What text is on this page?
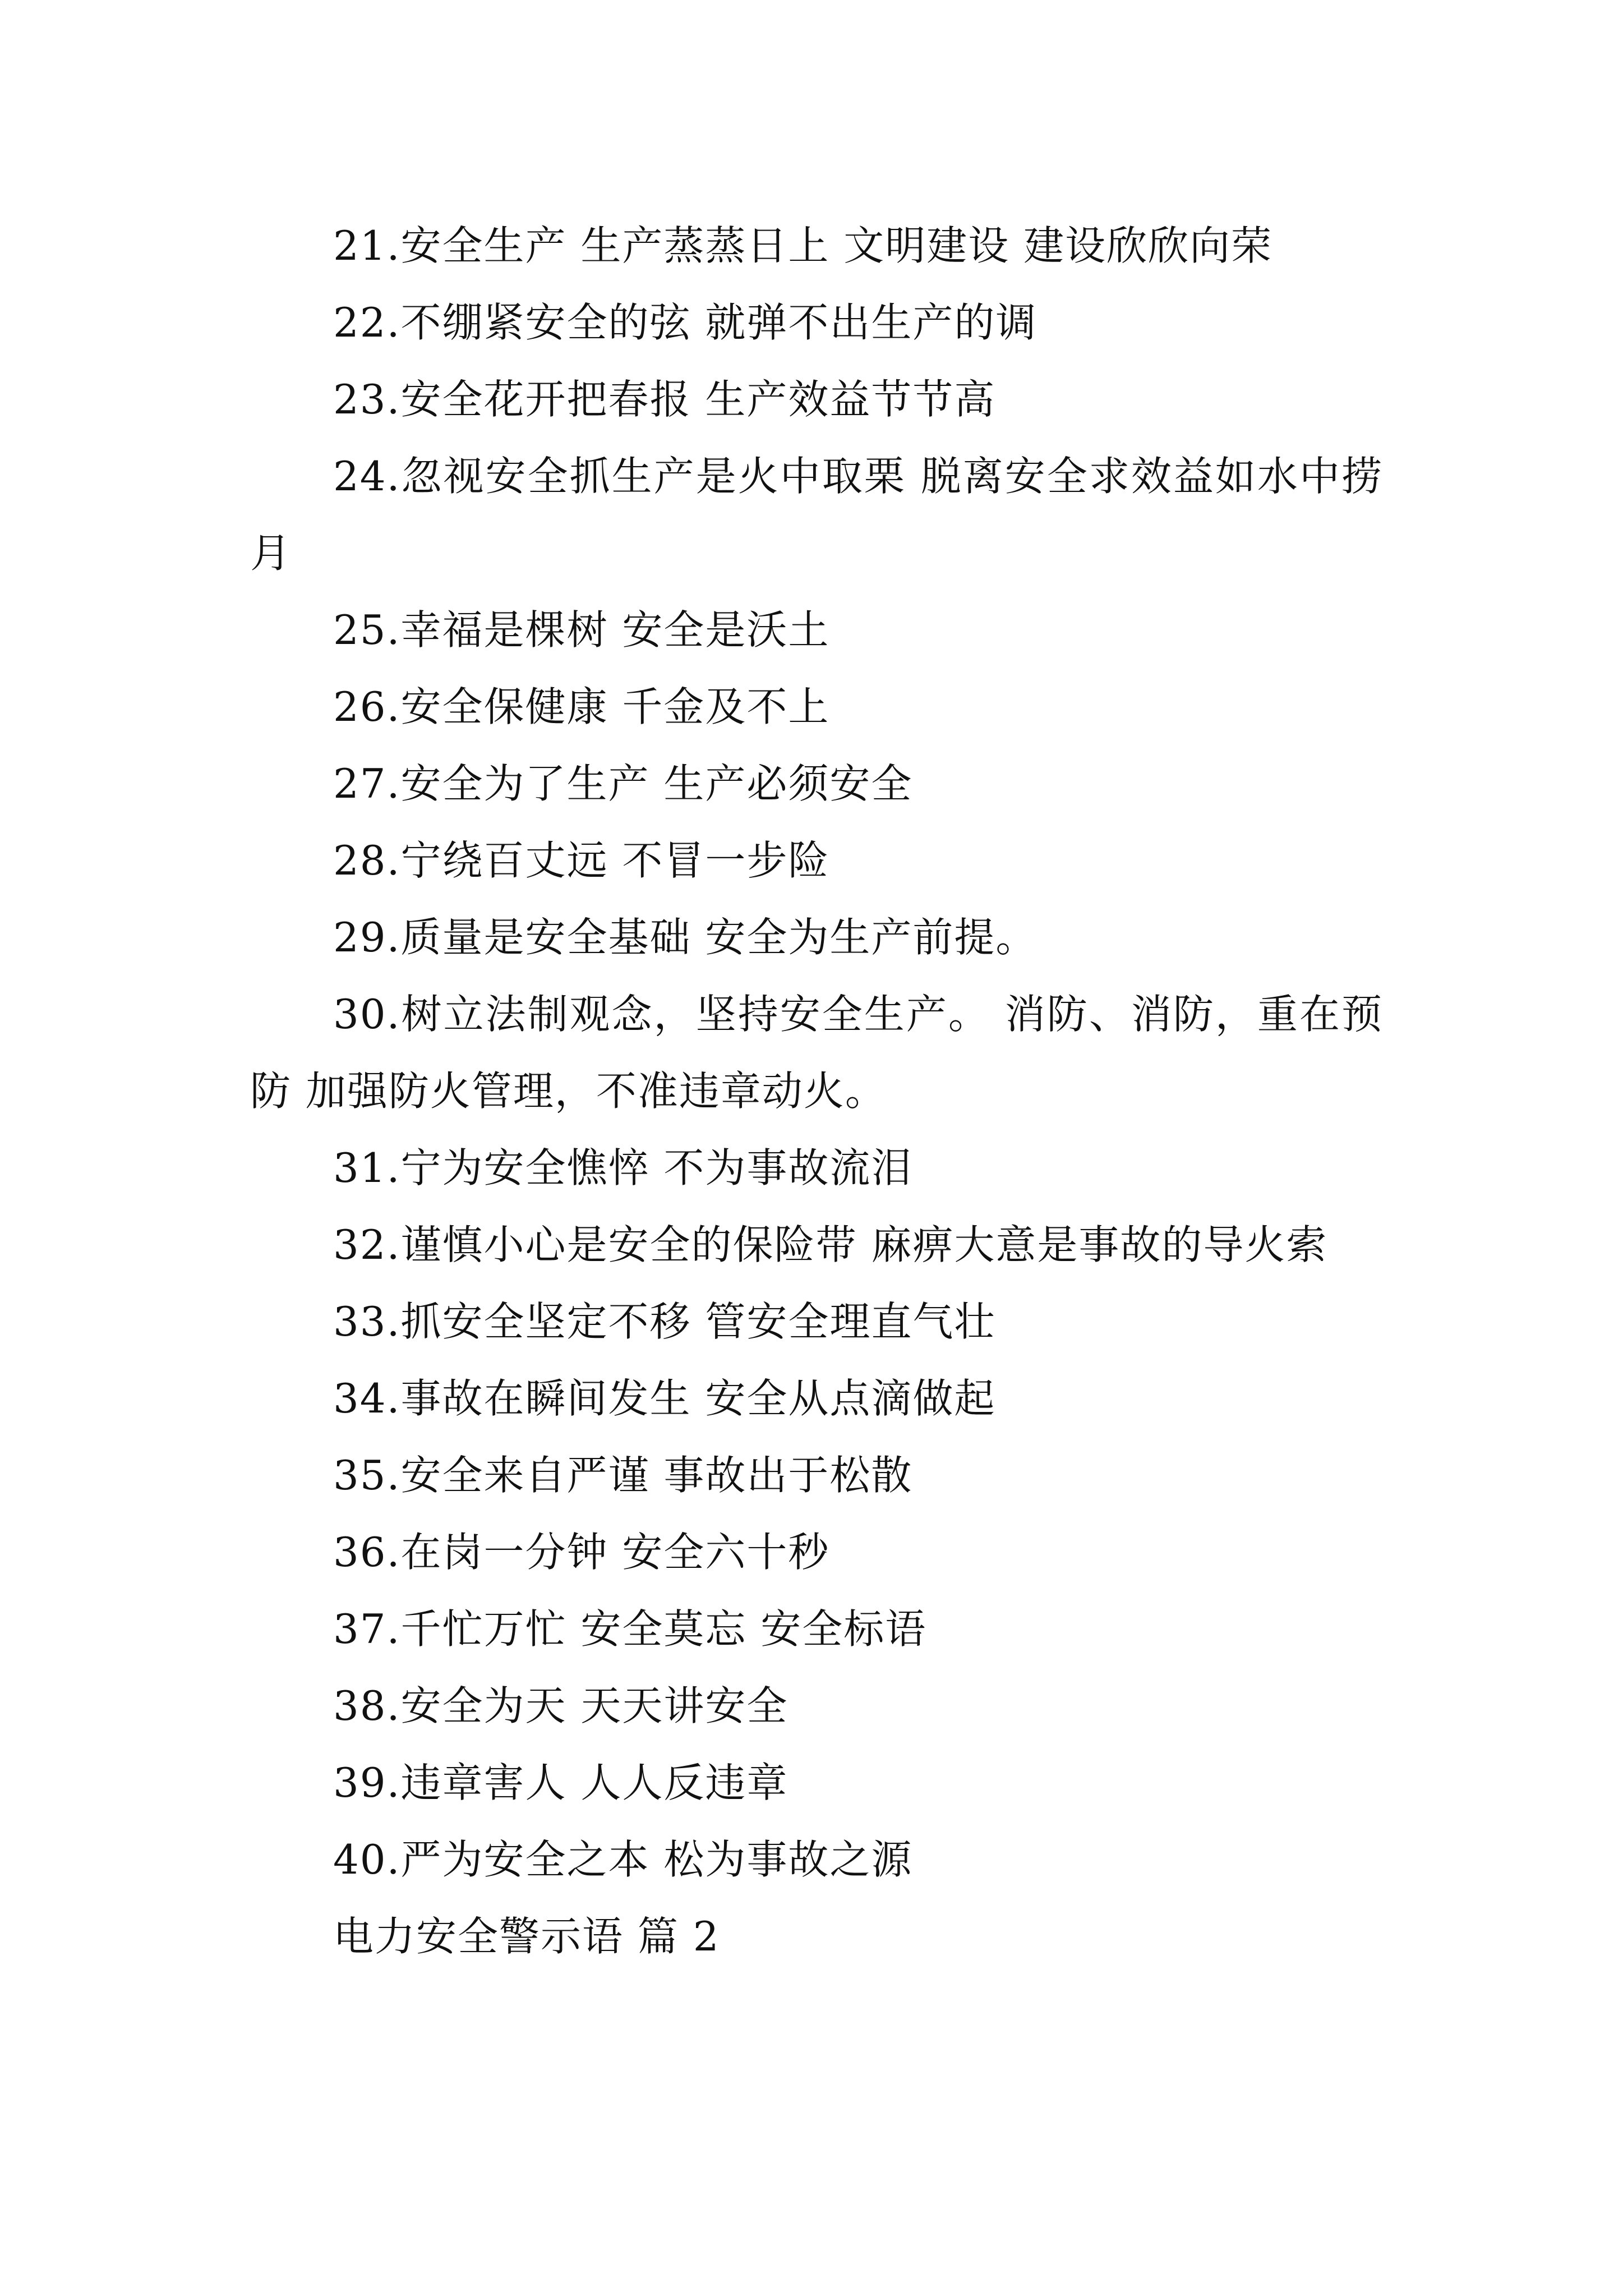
21.安全生产 生产蒸蒸日上 文明建设 建设欣欣向荣

22.不绷紧安全的弦 就弹不出生产的调

23.安全花开把春报 生产效益节节高

24.忽视安全抓生产是火中取栗 脱离安全求效益如水中捞月

25.幸福是棵树 安全是沃土

26.安全保健康 千金及不上

27.安全为了生产 生产必须安全

28.宁绕百丈远 不冒一步险

29.质量是安全基础 安全为生产前提。

30.树立法制观念，坚持安全生产。 消防、消防，重在预防 加强防火管理，不准违章动火。

31.宁为安全憔悴 不为事故流泪

32.谨慎小心是安全的保险带 麻痹大意是事故的导火索

33.抓安全坚定不移 管安全理直气壮

34.事故在瞬间发生 安全从点滴做起

35.安全来自严谨 事故出于松散

36.在岗一分钟 安全六十秒

37.千忙万忙 安全莫忘 安全标语

38.安全为天 天天讲安全

39.违章害人 人人反违章

40.严为安全之本 松为事故之源

电力安全警示语 篇 2
